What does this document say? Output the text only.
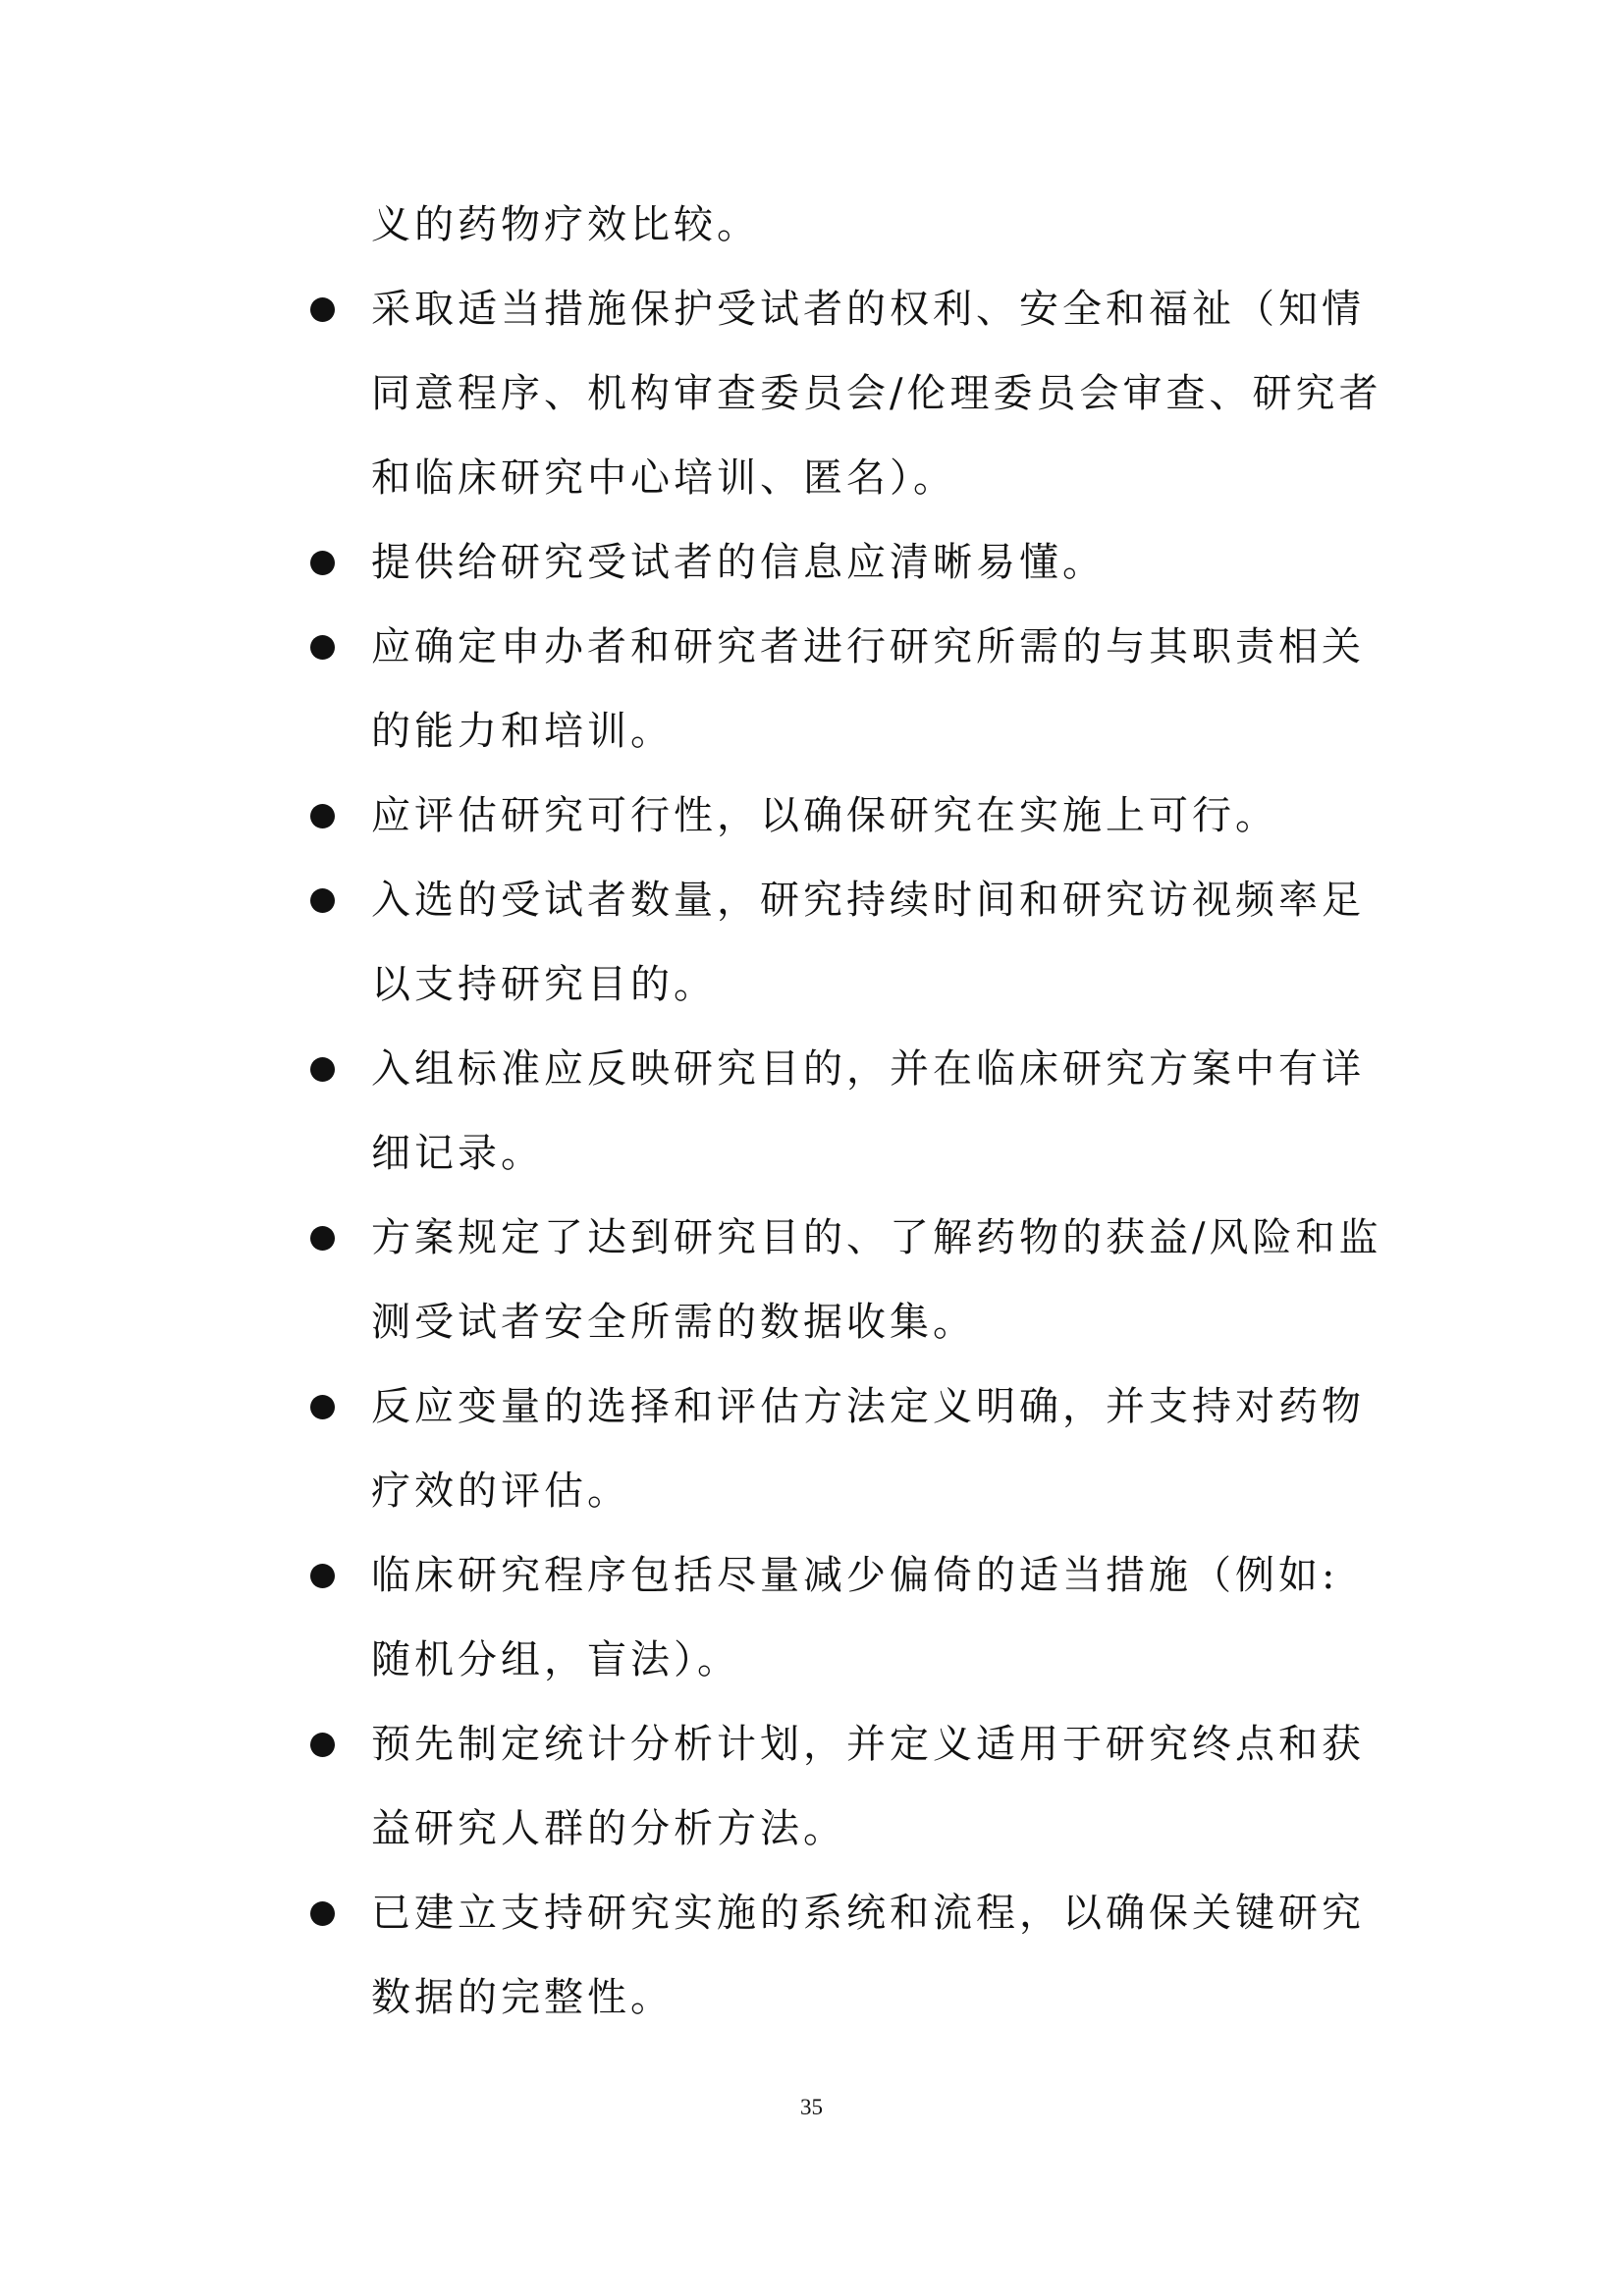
义的药物疗效比较。
采取适当措施保护受试者的权利、安全和福祉（知情
同意程序、机构审查委员会/伦理委员会审查、研究者
和临床研究中心培训、匿名）。
提供给研究受试者的信息应清晰易懂。
应确定申办者和研究者进行研究所需的与其职责相关
的能力和培训。
应评估研究可行性，以确保研究在实施上可行。
入选的受试者数量，研究持续时间和研究访视频率足
以支持研究目的。
入组标准应反映研究目的，并在临床研究方案中有详
细记录。
方案规定了达到研究目的、了解药物的获益/风险和监
测受试者安全所需的数据收集。
反应变量的选择和评估方法定义明确，并支持对药物
疗效的评估。
临床研究程序包括尽量减少偏倚的适当措施（例如:
随机分组，盲法）。
预先制定统计分析计划，并定义适用于研究终点和获
益研究人群的分析方法。
已建立支持研究实施的系统和流程，以确保关键研究
数据的完整性。
35
